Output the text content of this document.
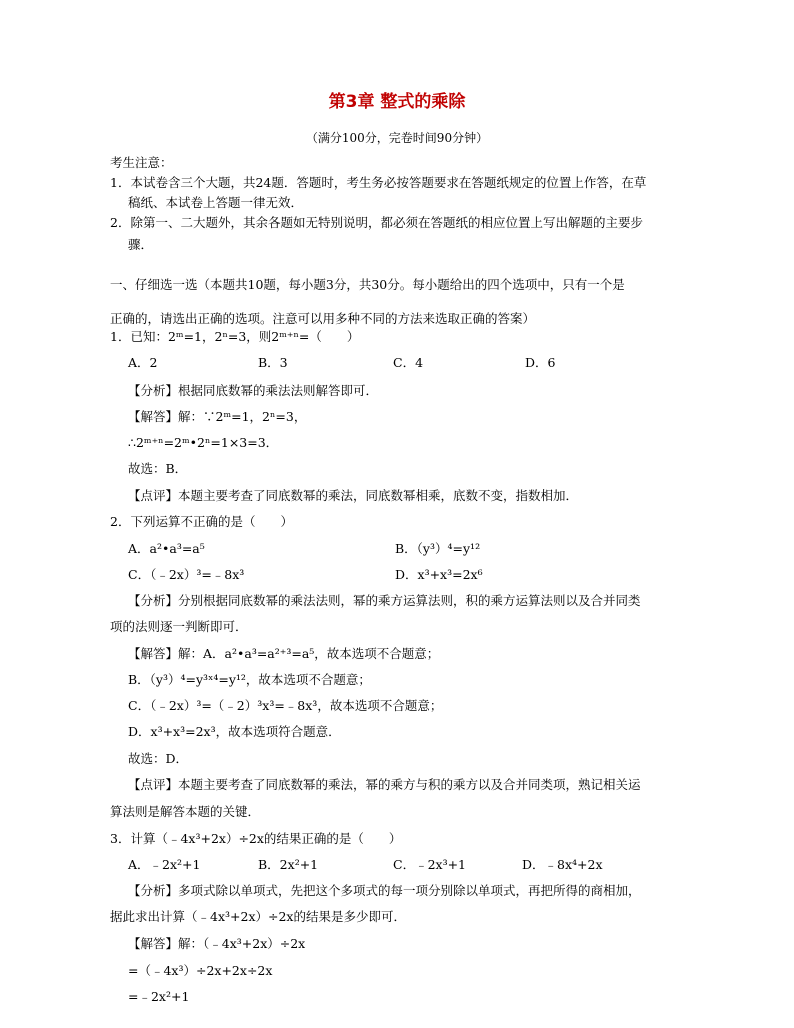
第3章 整式的乘除
（满分100分，完卷时间90分钟）
考生注意：
1．本试卷含三个大题，共24题．答题时，考生务必按答题要求在答题纸规定的位置上作答，在草
稿纸、本试卷上答题一律无效．
2．除第一、二大题外，其余各题如无特别说明，都必须在答题纸的相应位置上写出解题的主要步
骤．
一、仔细选一选（本题共10题，每小题3分，共30分。每小题给出的四个选项中，只有一个是
正确的，请选出正确的选项。注意可以用多种不同的方法来选取正确的答案）
1．已知：2ᵐ=1，2ⁿ=3，则2ᵐ⁺ⁿ=（　　）
A．2	B．3	C．4	D．6
【分析】根据同底数幂的乘法法则解答即可．
【解答】解：∵2ᵐ=1，2ⁿ=3，
∴2ᵐ⁺ⁿ=2ᵐ•2ⁿ=1×3=3．
故选：B．
【点评】本题主要考查了同底数幂的乘法，同底数幂相乘，底数不变，指数相加．
2．下列运算不正确的是（　　）
A．a²•a³=a⁵	B．（y³）⁴=y¹²
C．（﹣2x）³=﹣8x³	D．x³+x³=2x⁶
【分析】分别根据同底数幂的乘法法则，幂的乘方运算法则，积的乘方运算法则以及合并同类
项的法则逐一判断即可．
【解答】解：A．a²•a³=a²⁺³=a⁵，故本选项不合题意；
B．（y³）⁴=y³ˣ⁴=y¹²，故本选项不合题意；
C．（﹣2x）³=（﹣2）³x³=﹣8x³，故本选项不合题意；
D．x³+x³=2x³，故本选项符合题意．
故选：D．
【点评】本题主要考查了同底数幂的乘法，幂的乘方与积的乘方以及合并同类项，熟记相关运
算法则是解答本题的关键．
3．计算（﹣4x³+2x）÷2x的结果正确的是（　　）
A．﹣2x²+1	B．2x²+1	C．﹣2x³+1	D．﹣8x⁴+2x
【分析】多项式除以单项式，先把这个多项式的每一项分别除以单项式，再把所得的商相加，
据此求出计算（﹣4x³+2x）÷2x的结果是多少即可．
【解答】解：（﹣4x³+2x）÷2x
=（﹣4x³）÷2x+2x÷2x
=﹣2x²+1
